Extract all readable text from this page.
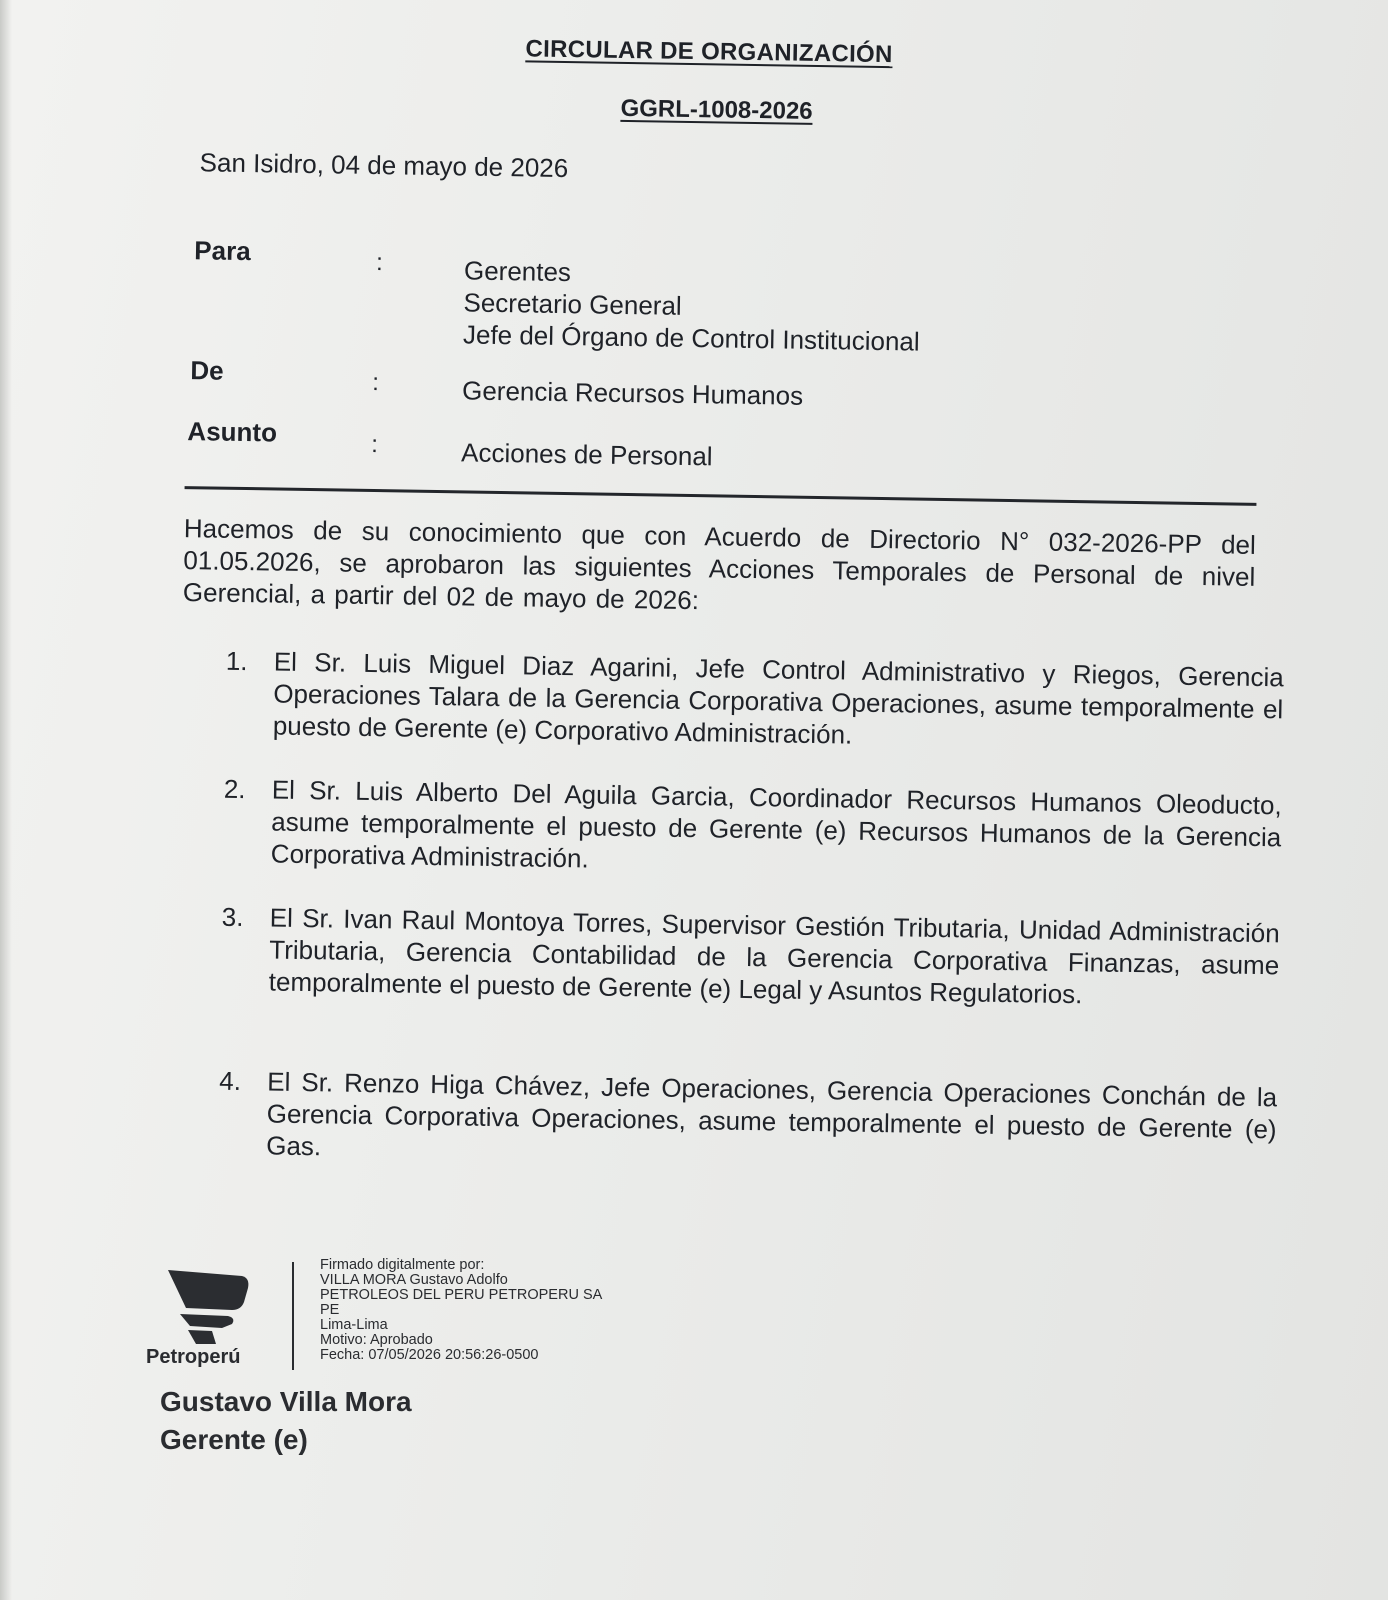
CIRCULAR DE ORGANIZACIÓN
GGRL-1008-2026
San Isidro, 04 de mayo de 2026
Para	:	Gerentes
Secretario General
Jefe del Órgano de Control Institucional
De	:	Gerencia Recursos Humanos
Asunto	:	Acciones de Personal
Hacemos de su conocimiento que con Acuerdo de Directorio N° 032-2026-PP del 01.05.2026, se aprobaron las siguientes Acciones Temporales de Personal de nivel Gerencial, a partir del 02 de mayo de 2026:
1. El Sr. Luis Miguel Diaz Agarini, Jefe Control Administrativo y Riegos, Gerencia Operaciones Talara de la Gerencia Corporativa Operaciones, asume temporalmente el puesto de Gerente (e) Corporativo Administración.
2. El Sr. Luis Alberto Del Aguila Garcia, Coordinador Recursos Humanos Oleoducto, asume temporalmente el puesto de Gerente (e) Recursos Humanos de la Gerencia Corporativa Administración.
3. El Sr. Ivan Raul Montoya Torres, Supervisor Gestión Tributaria, Unidad Administración Tributaria, Gerencia Contabilidad de la Gerencia Corporativa Finanzas, asume temporalmente el puesto de Gerente (e) Legal y Asuntos Regulatorios.
4. El Sr. Renzo Higa Chávez, Jefe Operaciones, Gerencia Operaciones Conchán de la Gerencia Corporativa Operaciones, asume temporalmente el puesto de Gerente (e) Gas.
Petroperú
Firmado digitalmente por:
VILLA MORA Gustavo Adolfo
PETROLEOS DEL PERU PETROPERU SA
PE
Lima-Lima
Motivo: Aprobado
Fecha: 07/05/2026 20:56:26-0500
Gustavo Villa Mora
Gerente (e)
